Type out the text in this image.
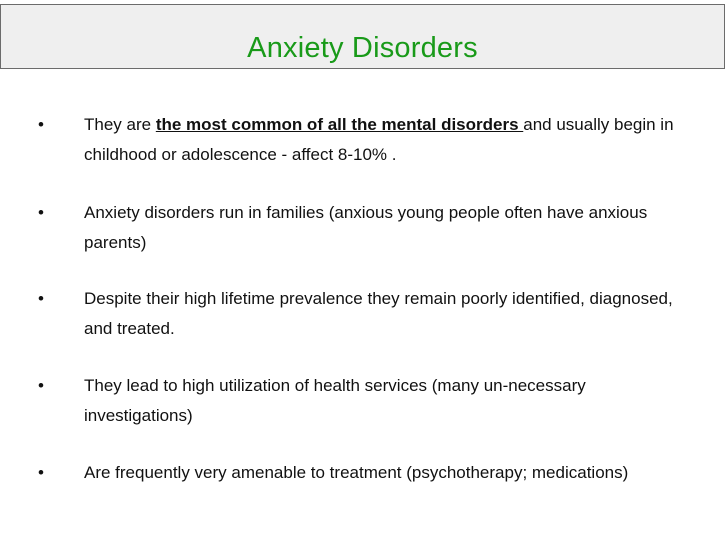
Anxiety Disorders
• They are the most common of all the mental disorders and usually begin in childhood or adolescence - affect 8-10% .
• Anxiety disorders run in families (anxious young people often have anxious parents)
• Despite their high lifetime prevalence they remain poorly identified, diagnosed, and treated.
• They lead to high utilization of health services (many un-necessary investigations)
• Are frequently very amenable to treatment (psychotherapy; medications)
